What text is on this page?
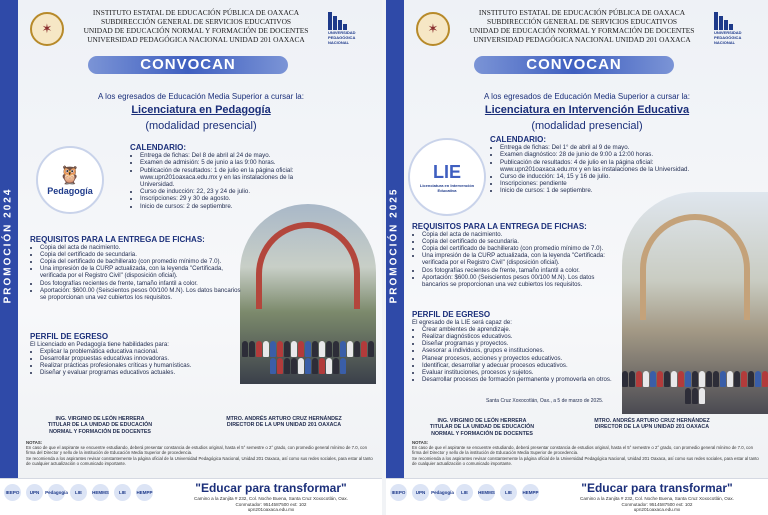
PROMOCIÓN 2024
✶
INSTITUTO ESTATAL DE EDUCACIÓN PÚBLICA DE OAXACA
SUBDIRECCIÓN GENERAL DE SERVICIOS EDUCATIVOS
UNIDAD DE EDUCACIÓN NORMAL Y FORMACIÓN DE DOCENTES
UNIVERSIDAD PEDAGÓGICA NACIONAL UNIDAD 201 OAXACA
UNIVERSIDAD PEDAGÓGICA NACIONAL
CONVOCAN
A los egresados de Educación Media Superior a cursar la:
Licenciatura en Pedagogía
(modalidad presencial)
🦉
Pedagogía
CALENDARIO:
• Entrega de fichas: Del 8 de abril al 24 de mayo.
• Examen de admisión: 5 de junio a las 9:00 horas.
• Publicación de resultados: 1 de julio en la página oficial: www.upn201oaxaca.edu.mx y en las instalaciones de la Universidad.
• Curso de inducción: 22, 23 y 24 de julio.
• Inscripciones: 29 y 30 de agosto.
• Inicio de cursos: 2 de septiembre.
REQUISITOS PARA LA ENTREGA DE FICHAS:
• Copia del acta de nacimiento.
• Copia del certificado de secundaria.
• Copia del certificado de bachillerato (con promedio mínimo de 7.0).
• Una impresión de la CURP actualizada, con la leyenda "Certificada, verificada por el Registro Civil" (disposición oficial).
• Dos fotografías recientes de frente, tamaño infantil a color.
• Aportación: $600.00 (Seiscientos pesos 00/100 M.N). Los datos bancarios se proporcionan una vez cubiertos los requisitos.
PERFIL DE EGRESO

El Licenciado en Pedagogía tiene habilidades para:

• Explicar la problemática educativa nacional.
• Desarrollar propuestas educativas innovadoras.
• Realizar prácticas profesionales críticas y humanísticas.
• Diseñar y evaluar programas educativos actuales.
ING. VIRGINIO DE LEÓN HERRERA
TITULAR DE LA UNIDAD DE EDUCACIÓN
NORMAL Y FORMACIÓN DE DOCENTES
MTRO. ANDRÉS ARTURO CRUZ HERNÁNDEZ
DIRECTOR DE LA UPN UNIDAD 201 OAXACA
NOTAS:
En caso de que el aspirante se encuentre estudiando, deberá presentar constancia de estudios original, hasta el 5° semestre o 2° grado, con promedio general mínimo de 7.0, con firma del Director y sello de la institución de Educación Media Superior de procedencia.
Se recomienda a los aspirantes revisar constantemente la página oficial de la Universidad Pedagógica Nacional, Unidad 201 Oaxaca, así como sus redes sociales, para estar al tanto de cualquier actualización o comunicado importante.
IEEPO	UPN	Pedagogía	LIE	HEMMS	LIE	HEMPP	"Educar para transformar"
Camino a la Zanjita # 232, Col. Noche Buena, Santa Cruz Xoxocotlán, Oax.
Conmutador: 9514587500 ext: 102
upn201oaxaca.edu.mx
PROMOCIÓN 2025
✶
INSTITUTO ESTATAL DE EDUCACIÓN PÚBLICA DE OAXACA
SUBDIRECCIÓN GENERAL DE SERVICIOS EDUCATIVOS
UNIDAD DE EDUCACIÓN NORMAL Y FORMACIÓN DE DOCENTES
UNIVERSIDAD PEDAGÓGICA NACIONAL UNIDAD 201 OAXACA
UNIVERSIDAD PEDAGÓGICA NACIONAL
CONVOCAN
A los egresados de Educación Media Superior a cursar la:
Licenciatura en Intervención Educativa
(modalidad presencial)
LIE
Licenciatura en Intervención Educativa
CALENDARIO:
• Entrega de fichas: Del 1° de abril al 9 de mayo.
• Examen diagnóstico: 28 de junio de 9:00 a 12:00 horas.
• Publicación de resultados: 4 de julio en la página oficial: www.upn201oaxaca.edu.mx y en las instalaciones de la Universidad.
• Curso de inducción: 14, 15 y 16 de julio.
• Inscripciones: pendiente
• Inicio de cursos: 1 de septiembre.
REQUISITOS PARA LA ENTREGA DE FICHAS:
• Copia del acta de nacimiento.
• Copia del certificado de secundaria.
• Copia del certificado de bachillerato (con promedio mínimo de 7.0).
• Una impresión de la CURP actualizada, con la leyenda "Certificada: verificada por el Registro Civil" (disposición oficial).
• Dos fotografías recientes de frente, tamaño infantil a color.
• Aportación: $600.00 (Seiscientos pesos 00/100 M.N). Los datos bancarios se proporcionan una vez cubiertos los requisitos.
PERFIL DE EGRESO

El egresado de la LIE será capaz de:

• Crear ambientes de aprendizaje.
• Realizar diagnósticos educativos.
• Diseñar programas y proyectos.
• Asesorar a individuos, grupos e instituciones.
• Planear procesos, acciones y proyectos educativos.
• Identificar, desarrollar y adecuar procesos educativos.
• Evaluar instituciones, procesos y sujetos.
• Desarrollar procesos de formación permanente y promoverla en otros.
Santa Cruz Xoxocotlán, Oax., a 5 de marzo de 2025.
ING. VIRGINIO DE LEÓN HERRERA
TITULAR DE LA UNIDAD DE EDUCACIÓN
NORMAL Y FORMACIÓN DE DOCENTES
MTRO. ANDRÉS ARTURO CRUZ HERNÁNDEZ
DIRECTOR DE LA UPN UNIDAD 201 OAXACA
NOTAS:
En caso de que el aspirante se encuentre estudiando, deberá presentar constancia de estudios original, hasta el 5° semestre o 2° grado, con promedio general mínimo de 7.0, con firma del Director y sello de la institución de Educación Media Superior de procedencia.
Se recomienda a los aspirantes revisar constantemente la página oficial de la Universidad Pedagógica Nacional, Unidad 201 Oaxaca, así como sus redes sociales, para estar al tanto de cualquier actualización o comunicado importante.
IEEPO	UPN	Pedagogía	LIE	HEMMS	LIE	HEMPP	"Educar para transformar"
Camino a la Zanjita # 232, Col. Noche Buena, Santa Cruz Xoxocotlán, Oax.
Conmutador: 9514587500 ext: 102
upn201oaxaca.edu.mx
